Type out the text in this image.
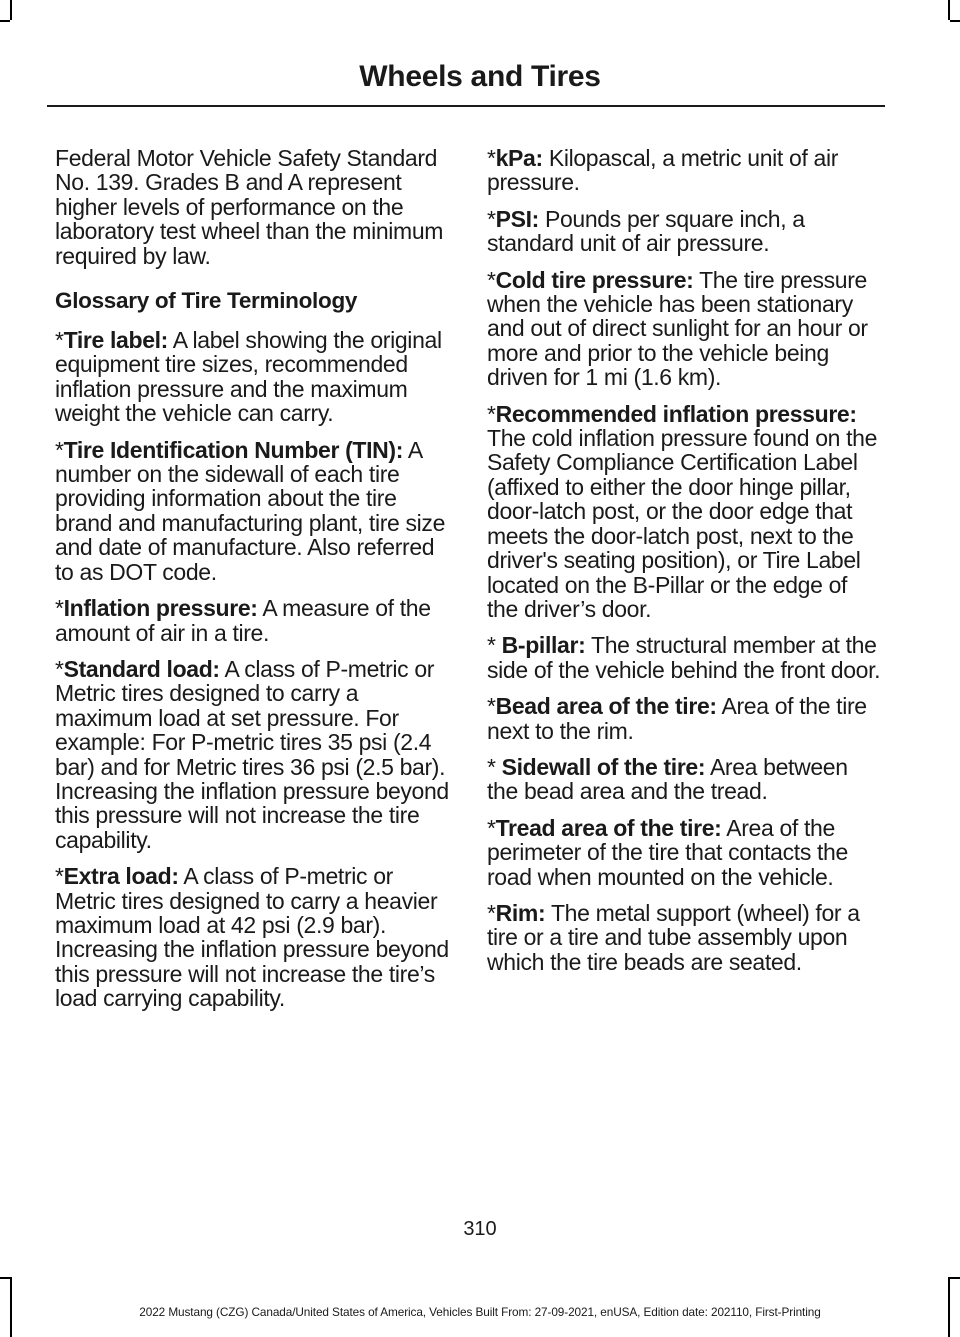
Wheels and Tires

Federal Motor Vehicle Safety Standard No. 139. Grades B and A represent higher levels of performance on the laboratory test wheel than the minimum required by law.

Glossary of Tire Terminology

*Tire label: A label showing the original equipment tire sizes, recommended inflation pressure and the maximum weight the vehicle can carry.

*Tire Identification Number (TIN): A number on the sidewall of each tire providing information about the tire brand and manufacturing plant, tire size and date of manufacture. Also referred to as DOT code.

*Inflation pressure: A measure of the amount of air in a tire.

*Standard load: A class of P-metric or Metric tires designed to carry a maximum load at set pressure. For example: For P-metric tires 35 psi (2.4 bar) and for Metric tires 36 psi (2.5 bar). Increasing the inflation pressure beyond this pressure will not increase the tire capability.

*Extra load: A class of P-metric or Metric tires designed to carry a heavier maximum load at 42 psi (2.9 bar). Increasing the inflation pressure beyond this pressure will not increase the tire’s load carrying capability.

*kPa: Kilopascal, a metric unit of air pressure.

*PSI: Pounds per square inch, a standard unit of air pressure.

*Cold tire pressure: The tire pressure when the vehicle has been stationary and out of direct sunlight for an hour or more and prior to the vehicle being driven for 1 mi (1.6 km).

*Recommended inflation pressure: The cold inflation pressure found on the Safety Compliance Certification Label (affixed to either the door hinge pillar, door-latch post, or the door edge that meets the door-latch post, next to the driver's seating position), or Tire Label located on the B-Pillar or the edge of the driver’s door.

* B-pillar: The structural member at the side of the vehicle behind the front door.

*Bead area of the tire: Area of the tire next to the rim.

* Sidewall of the tire: Area between the bead area and the tread.

*Tread area of the tire: Area of the perimeter of the tire that contacts the road when mounted on the vehicle.

*Rim: The metal support (wheel) for a tire or a tire and tube assembly upon which the tire beads are seated.

310
2022 Mustang (CZG) Canada/United States of America, Vehicles Built From: 27-09-2021, enUSA, Edition date: 202110, First-Printing
